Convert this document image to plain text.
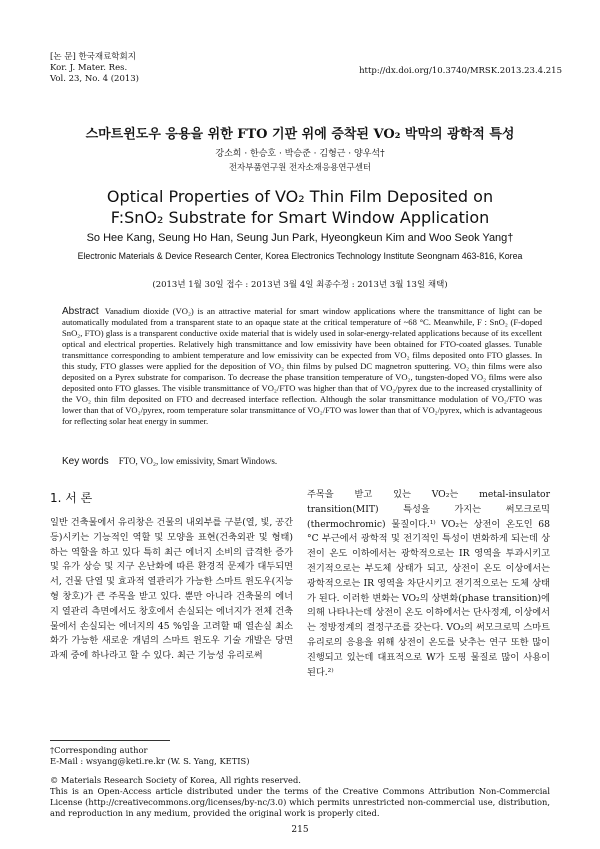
[논 문] 한국재료학회지
Kor. J. Mater. Res.
Vol. 23, No. 4 (2013)
http://dx.doi.org/10.3740/MRSK.2013.23.4.215
스마트윈도우 응용을 위한 FTO 기판 위에 증착된 VO₂ 박막의 광학적 특성
강소희 · 한승호 · 박승준 · 김형근 · 양우석†
전자부품연구원 전자소재응용연구센터
Optical Properties of VO₂ Thin Film Deposited on
F:SnO₂ Substrate for Smart Window Application
So Hee Kang, Seung Ho Han, Seung Jun Park, Hyeongkeun Kim and Woo Seok Yang†
Electronic Materials & Device Research Center, Korea Electronics Technology Institute Seongnam 463-816, Korea
(2013년 1월 30일 접수 : 2013년 3월 4일 최종수정 : 2013년 3월 13일 채택)
Abstract Vanadium dioxide (VO₂) is an attractive material for smart window applications where the transmittance of light can be automatically modulated from a transparent state to an opaque state at the critical temperature of ~68 °C. Meanwhile, F : SnO₂ (F-doped SnO₂, FTO) glass is a transparent conductive oxide material that is widely used in solar-energy-related applications because of its excellent optical and electrical properties. Relatively high transmittance and low emissivity have been obtained for FTO-coated glasses. Tunable transmittance corresponding to ambient temperature and low emissivity can be expected from VO₂ films deposited onto FTO glasses. In this study, FTO glasses were applied for the deposition of VO₂ thin films by pulsed DC magnetron sputtering. VO₂ thin films were also deposited on a Pyrex substrate for comparison. To decrease the phase transition temperature of VO₂, tungsten-doped VO₂ films were also deposited onto FTO glasses. The visible transmittance of VO₂/FTO was higher than that of VO₂/pyrex due to the increased crystallinity of the VO₂ thin film deposited on FTO and decreased interface reflection. Although the solar transmittance modulation of VO₂/FTO was lower than that of VO₂/pyrex, room temperature solar transmittance of VO₂/FTO was lower than that of VO₂/pyrex, which is advantageous for reflecting solar heat energy in summer.
Key words FTO, VO₂, low emissivity, Smart Windows.
1. 서 론

일반 건축물에서 유리창은 건물의 내외부를 구분(열, 빛, 공간 등)시키는 기능적인 역할 및 모양을 표현(건축외관 및 형태)하는 역할을 하고 있다 특히 최근 에너지 소비의 급격한 증가 및 유가 상승 및 지구 온난화에 따른 환경적 문제가 대두되면서, 건물 단열 및 효과적 열관리가 가능한 스마트 윈도우(지능형 창호)가 큰 주목을 받고 있다. 뿐만 아니라 건축물의 에너지 열관리 측면에서도 창호에서 손실되는 에너지가 전체 건축물에서 손실되는 에너지의 45 %임을 고려할 때 열손실 최소화가 가능한 새로운 개념의 스마트 윈도우 기술 개발은 당면과제 중에 하나라고 할 수 있다. 최근 기능성 유리로써

주목을 받고 있는 VO₂는 metal-insulator transition(MIT) 특성을 가지는 써모크로믹(thermochromic) 물질이다.¹⁾ VO₂는 상전이 온도인 68 °C 부근에서 광학적 및 전기적인 특성이 변화하게 되는데 상전이 온도 이하에서는 광학적으로는 IR 영역을 투과시키고 전기적으로는 부도체 상태가 되고, 상전이 온도 이상에서는 광학적으로는 IR 영역을 차단시키고 전기적으로는 도체 상태가 된다. 이러한 변화는 VO₂의 상변화(phase transition)에 의해 나타나는데 상전이 온도 이하에서는 단사정계, 이상에서는 정방정계의 결정구조를 갖는다. VO₂의 써모크로믹 스마트 유리로의 응용을 위해 상전이 온도를 낮추는 연구 또한 많이 진행되고 있는데 대표적으로 W가 도핑 물질로 많이 사용이 된다.²⁾

†Corresponding author
E-Mail : wsyang@keti.re.kr (W. S. Yang, KETIS)
© Materials Research Society of Korea, All rights reserved.
This is an Open-Access article distributed under the terms of the Creative Commons Attribution Non-Commercial License (http://creativecommons.org/licenses/by-nc/3.0) which permits unrestricted non-commercial use, distribution, and reproduction in any medium, provided the original work is properly cited.
215
